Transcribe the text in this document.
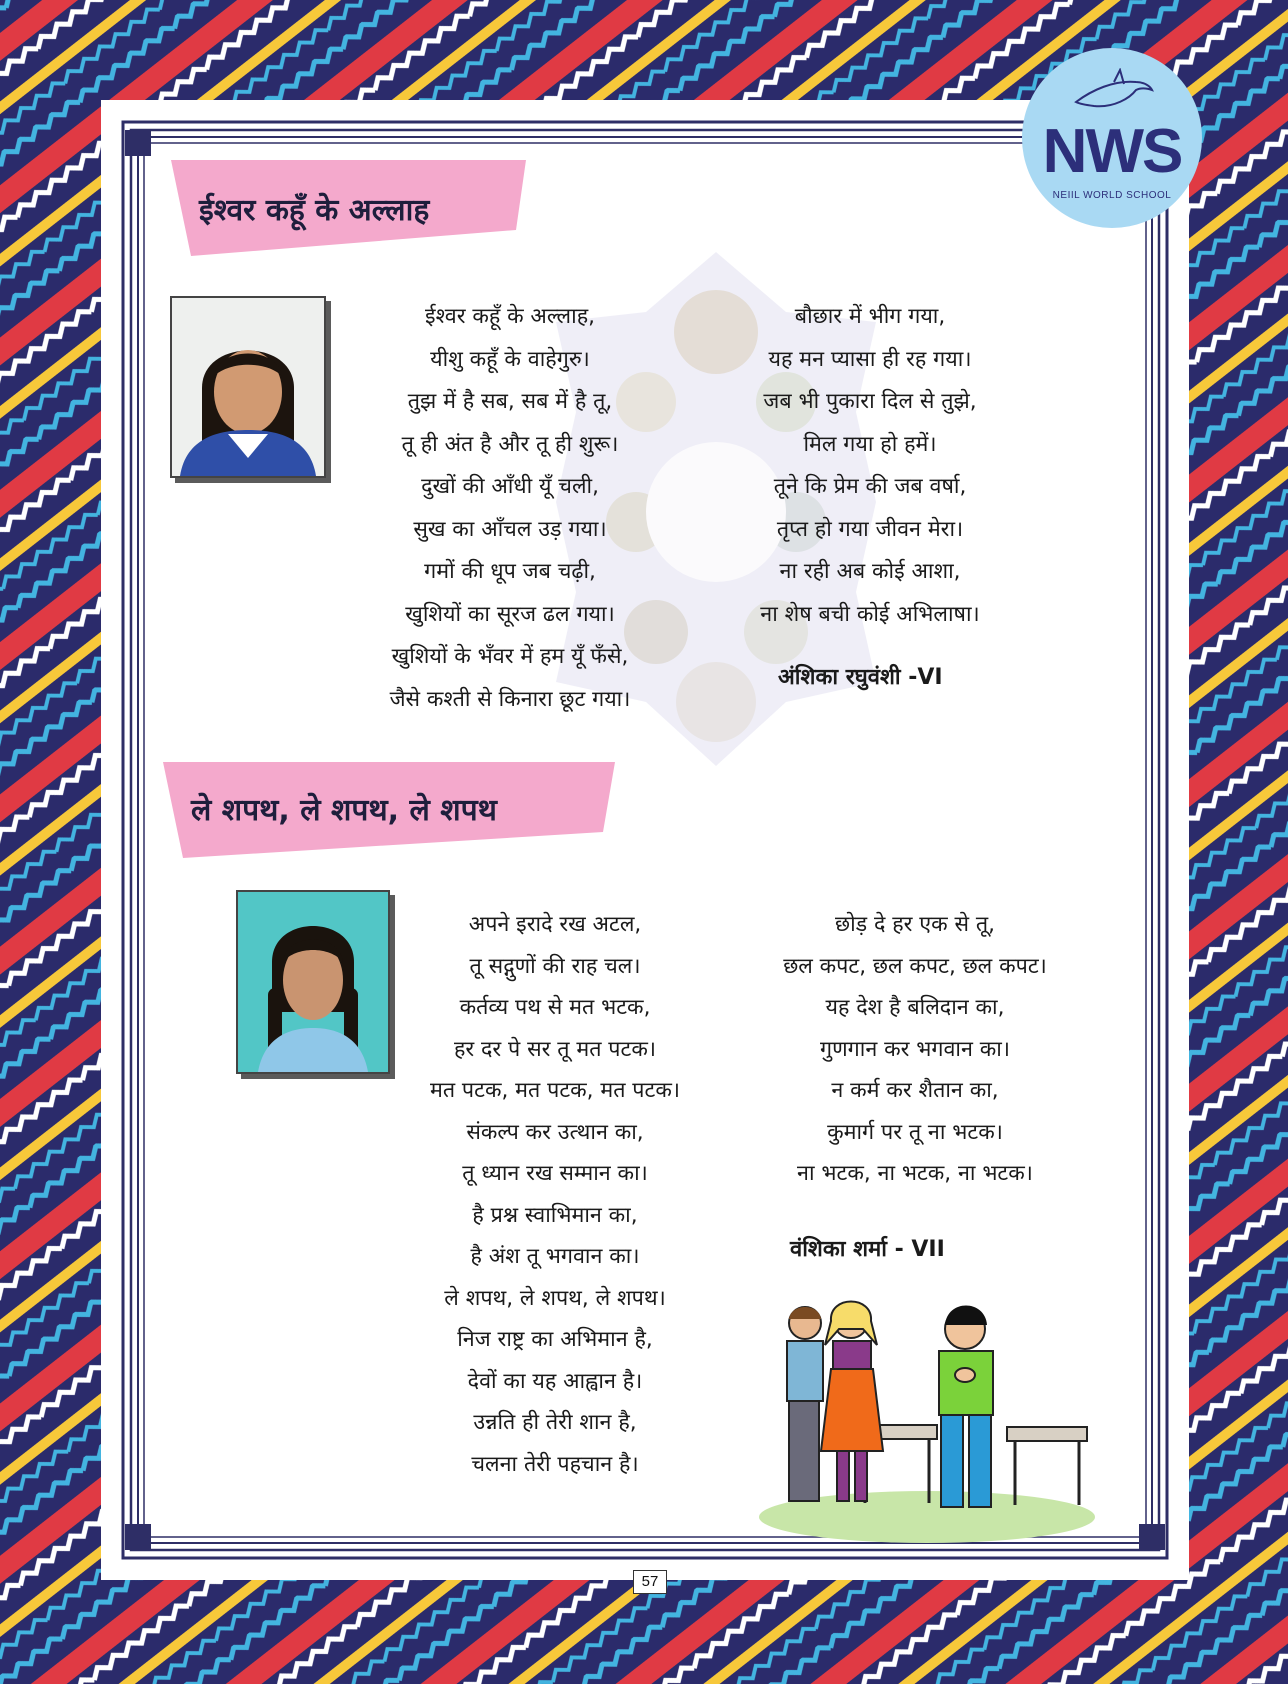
NWS
NEIIL WORLD SCHOOL
ईश्वर कहूँ के अल्लाह
ईश्वर कहूँ के अल्लाह,
यीशु कहूँ के वाहेगुरु।
तुझ में है सब, सब में है तू,
तू ही अंत है और तू ही शुरू।
दुखों की आँधी यूँ चली,
सुख का आँचल उड़ गया।
गमों की धूप जब चढ़ी,
खुशियों का सूरज ढल गया।
खुशियों के भँवर में हम यूँ फँसे,
जैसे कश्ती से किनारा छूट गया।
बौछार में भीग गया,
यह मन प्यासा ही रह गया।
जब भी पुकारा दिल से तुझे,
मिल गया हो हमें।
तूने कि प्रेम की जब वर्षा,
तृप्त हो गया जीवन मेरा।
ना रही अब कोई आशा,
ना शेष बची कोई अभिलाषा।
अंशिका रघुवंशी -VI
ले शपथ, ले शपथ, ले शपथ
अपने इरादे रख अटल,
तू सद्गुणों की राह चल।
कर्तव्य पथ से मत भटक,
हर दर पे सर तू मत पटक।
मत पटक, मत पटक, मत पटक।
संकल्प कर उत्थान का,
तू ध्यान रख सम्मान का।
है प्रश्न स्वाभिमान का,
है अंश तू भगवान का।
ले शपथ, ले शपथ, ले शपथ।
निज राष्ट्र का अभिमान है,
देवों का यह आह्वान है।
उन्नति ही तेरी शान है,
चलना तेरी पहचान है।
छोड़ दे हर एक से तू,
छल कपट, छल कपट, छल कपट।
यह देश है बलिदान का,
गुणगान कर भगवान का।
न कर्म कर शैतान का,
कुमार्ग पर तू ना भटक।
ना भटक, ना भटक, ना भटक।
वंशिका शर्मा - VII
57
